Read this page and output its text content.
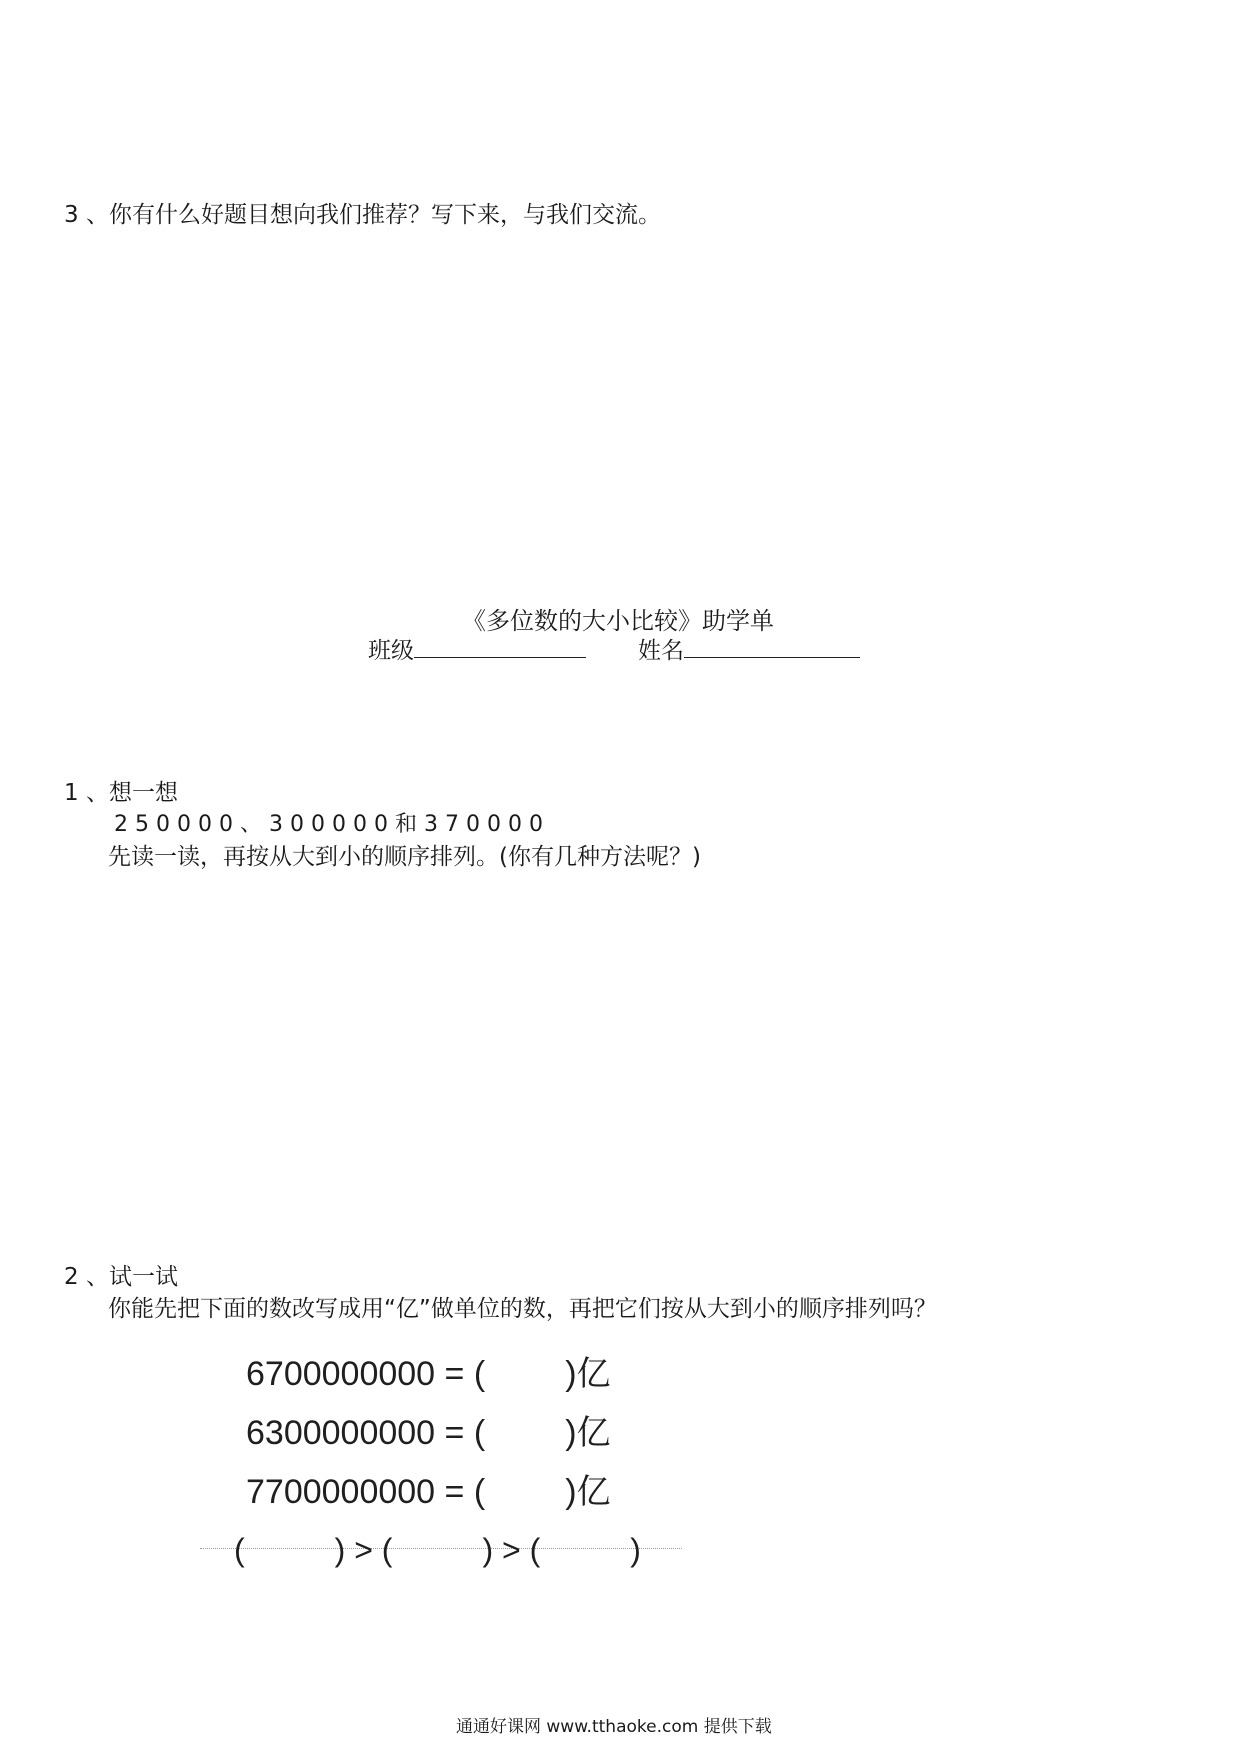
3 、你有什么好题目想向我们推荐？写下来，与我们交流。
《多位数的大小比较》助学单
班级	姓名
1 、想一想
250000、300000和370000
先读一读，再按从大到小的顺序排列。(你有几种方法呢？)
2 、试一试
你能先把下面的数改写成用“亿”做单位的数，再把它们按从大到小的顺序排列吗？
6700000000 = ( )亿
6300000000 = ( )亿
7700000000 = ( )亿
(	) > (	) > (	)
通通好课网 www.tthaoke.com 提供下载
